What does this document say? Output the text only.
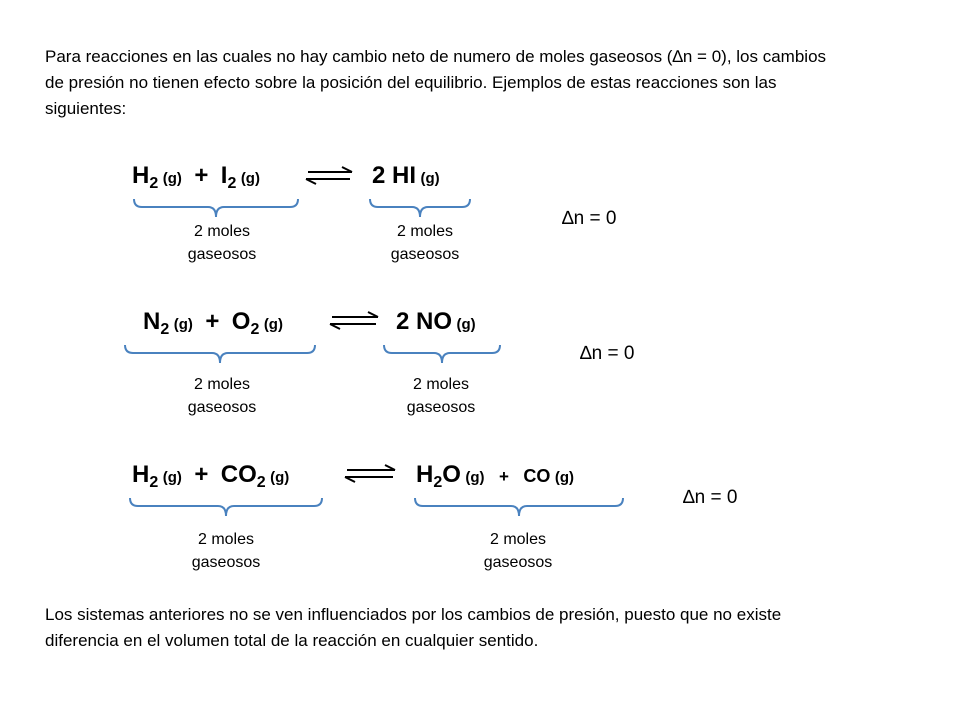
Para reacciones en las cuales no hay cambio neto de numero de moles gaseosos (∆n = 0), los cambios de presión no tienen efecto sobre la posición del equilibrio. Ejemplos de estas reacciones son las siguientes:

$H_2$ $(g) + I_2$ (g)	⇌ 2 HI (g)
2 moles
gaseosos
2 moles
gaseosos
∆n = 0
$N_2$ $(g) + O_2$ (g)	⇌ 2 NO (g)
2 moles
gaseosos
2 moles
gaseosos
∆n = 0
$H_2$ $(g) + CO_2$ (g)	⇌ $H_2O$ (g) + CO (g)
2 moles
gaseosos
2 moles
gaseosos
∆n = 0

Los sistemas anteriores no se ven influenciados por los cambios de presión, puesto que no existe diferencia en el volumen total de la reacción en cualquier sentido.
